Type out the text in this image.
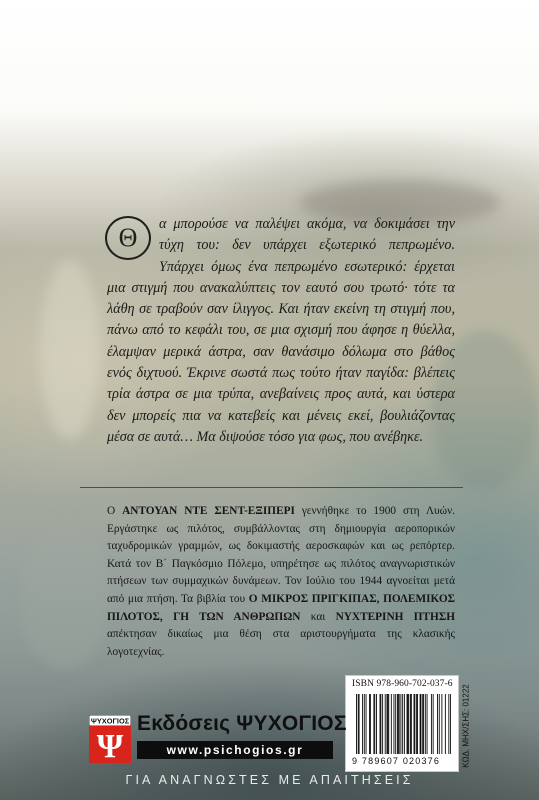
Θ	α μπορούσε να παλέψει ακόμα, να δοκιμάσει την τύχη του: δεν υπάρχει εξωτερικό πεπρωμένο. Υπάρχει όμως ένα πεπρωμένο εσωτερικό: έρχεται μια στιγμή που ανακαλύπτεις τον εαυτό σου τρωτό· τότε τα λάθη σε τραβούν σαν ίλιγγος. Και ήταν εκείνη τη στιγμή που, πάνω από το κεφάλι του, σε μια σχισμή που άφησε η θύελλα, έλαμψαν μερικά άστρα, σαν θανάσιμο δόλωμα στο βάθος ενός διχτυού. Έκρινε σωστά πως τούτο ήταν παγίδα: βλέπεις τρία άστρα σε μια τρύπα, ανεβαίνεις προς αυτά, και ύστερα δεν μπορείς πια να κατεβείς και μένεις εκεί, βουλιάζοντας μέσα σε αυτά… Μα διψούσε τόσο για φως, που ανέβηκε.
Ο ΑΝΤΟΥΑΝ ΝΤΕ ΣΕΝΤ-ΕΞΙΠΕΡΙ γεννήθηκε το 1900 στη Λυών. Εργάστηκε ως πιλότος, συμβάλλοντας στη δημιουργία αεροπορικών ταχυδρομικών γραμμών, ως δοκιμαστής αεροσκαφών και ως ρεπόρτερ. Κατά τον Β΄ Παγκόσμιο Πόλεμο, υπηρέτησε ως πιλότος αναγνωριστικών πτήσεων των συμμαχικών δυνάμεων. Τον Ιούλιο του 1944 αγνοείται μετά από μια πτήση. Τα βιβλία του Ο ΜΙΚΡΟΣ ΠΡΙΓΚΙΠΑΣ, ΠΟΛΕΜΙΚΟΣ ΠΙΛΟΤΟΣ, ΓΗ ΤΩΝ ΑΝΘΡΩΠΩΝ και ΝΥΧΤΕΡΙΝΗ ΠΤΗΣΗ απέκτησαν δικαίως μια θέση στα αριστουργήματα της κλασικής λογοτεχνίας.
ISBN 978-960-702-037-6
9 789607 020376	ΚΩΔ. ΜΗΧ/ΣΗΣ: 01222
ΨΥΧΟΓΙΟΣ
Ψ
Εκδόσεις ΨΥΧΟΓΙΟΣ
www.psichogios.gr
ΓΙΑ ΑΝΑΓΝΩΣΤΕΣ ΜΕ ΑΠΑΙΤΗΣΕΙΣ
